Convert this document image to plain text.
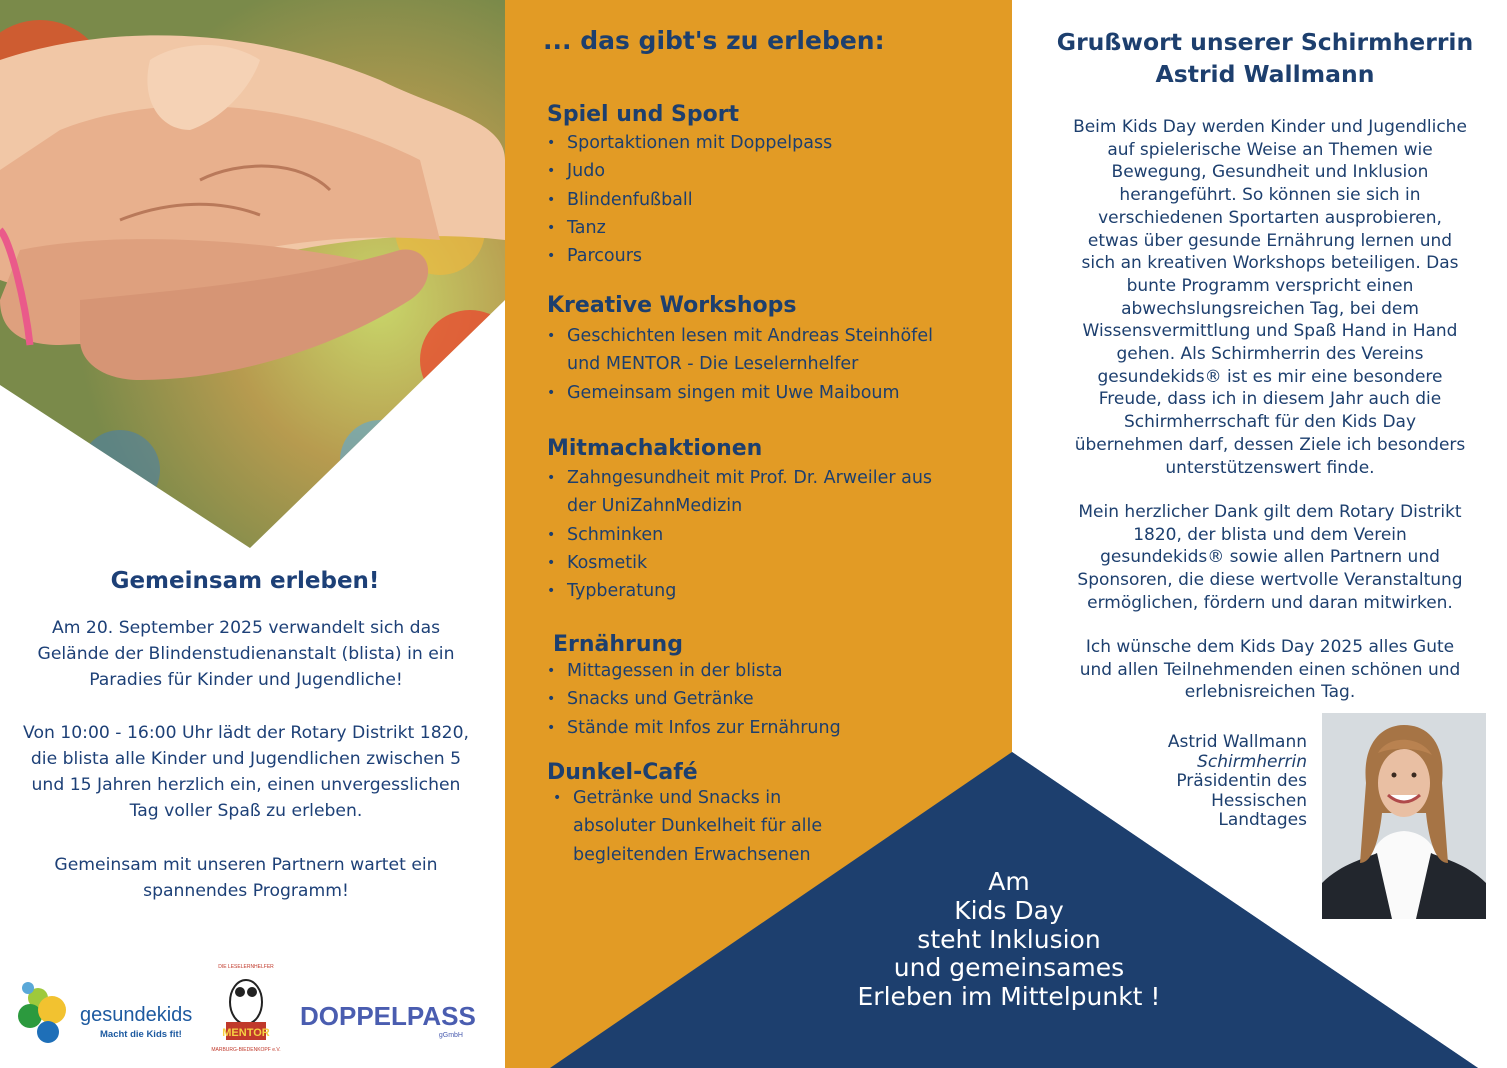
Gemeinsam erleben!
Am 20. September 2025 verwandelt sich das
Gelände der Blindenstudienanstalt (blista) in ein
Paradies für Kinder und Jugendliche!
Von 10:00 - 16:00 Uhr lädt der Rotary Distrikt 1820,
die blista alle Kinder und Jugendlichen zwischen 5
und 15 Jahren herzlich ein, einen unvergesslichen
Tag voller Spaß zu erleben.
Gemeinsam mit unseren Partnern wartet ein
spannendes Programm!
gesundekids
Macht die Kids fit!
DIE LESELERNHELFER
MENTOR
MARBURG-BIEDENKOPF e.V.
DOPPELPASS
gGmbH
... das gibt's zu erleben:
Spiel und Sport
• Sportaktionen mit Doppelpass
• Judo
• Blindenfußball
• Tanz
• Parcours
Kreative Workshops
• Geschichten lesen mit Andreas Steinhöfel
und MENTOR - Die Leselernhelfer
• Gemeinsam singen mit Uwe Maiboum
Mitmachaktionen
• Zahngesundheit mit Prof. Dr. Arweiler aus
der UniZahnMedizin
• Schminken
• Kosmetik
• Typberatung
Ernährung
• Mittagessen in der blista
• Snacks und Getränke
• Stände mit Infos zur Ernährung
Dunkel-Café
• Getränke und Snacks in
absoluter Dunkelheit für alle
begleitenden Erwachsenen
Am
Kids Day
steht Inklusion
und gemeinsames
Erleben im Mittelpunkt !
Grußwort unserer Schirmherrin
Astrid Wallmann
Beim Kids Day werden Kinder und Jugendliche
auf spielerische Weise an Themen wie
Bewegung, Gesundheit und Inklusion
herangeführt. So können sie sich in
verschiedenen Sportarten ausprobieren,
etwas über gesunde Ernährung lernen und
sich an kreativen Workshops beteiligen. Das
bunte Programm verspricht einen
abwechslungsreichen Tag, bei dem
Wissensvermittlung und Spaß Hand in Hand
gehen. Als Schirmherrin des Vereins
gesundekids® ist es mir eine besondere
Freude, dass ich in diesem Jahr auch die
Schirmherrschaft für den Kids Day
übernehmen darf, dessen Ziele ich besonders
unterstützenswert finde.
Mein herzlicher Dank gilt dem Rotary Distrikt
1820, der blista und dem Verein
gesundekids® sowie allen Partnern und
Sponsoren, die diese wertvolle Veranstaltung
ermöglichen, fördern und daran mitwirken.
Ich wünsche dem Kids Day 2025 alles Gute
und allen Teilnehmenden einen schönen und
erlebnisreichen Tag.
Astrid Wallmann
Schirmherrin
Präsidentin des
Hessischen
Landtages
